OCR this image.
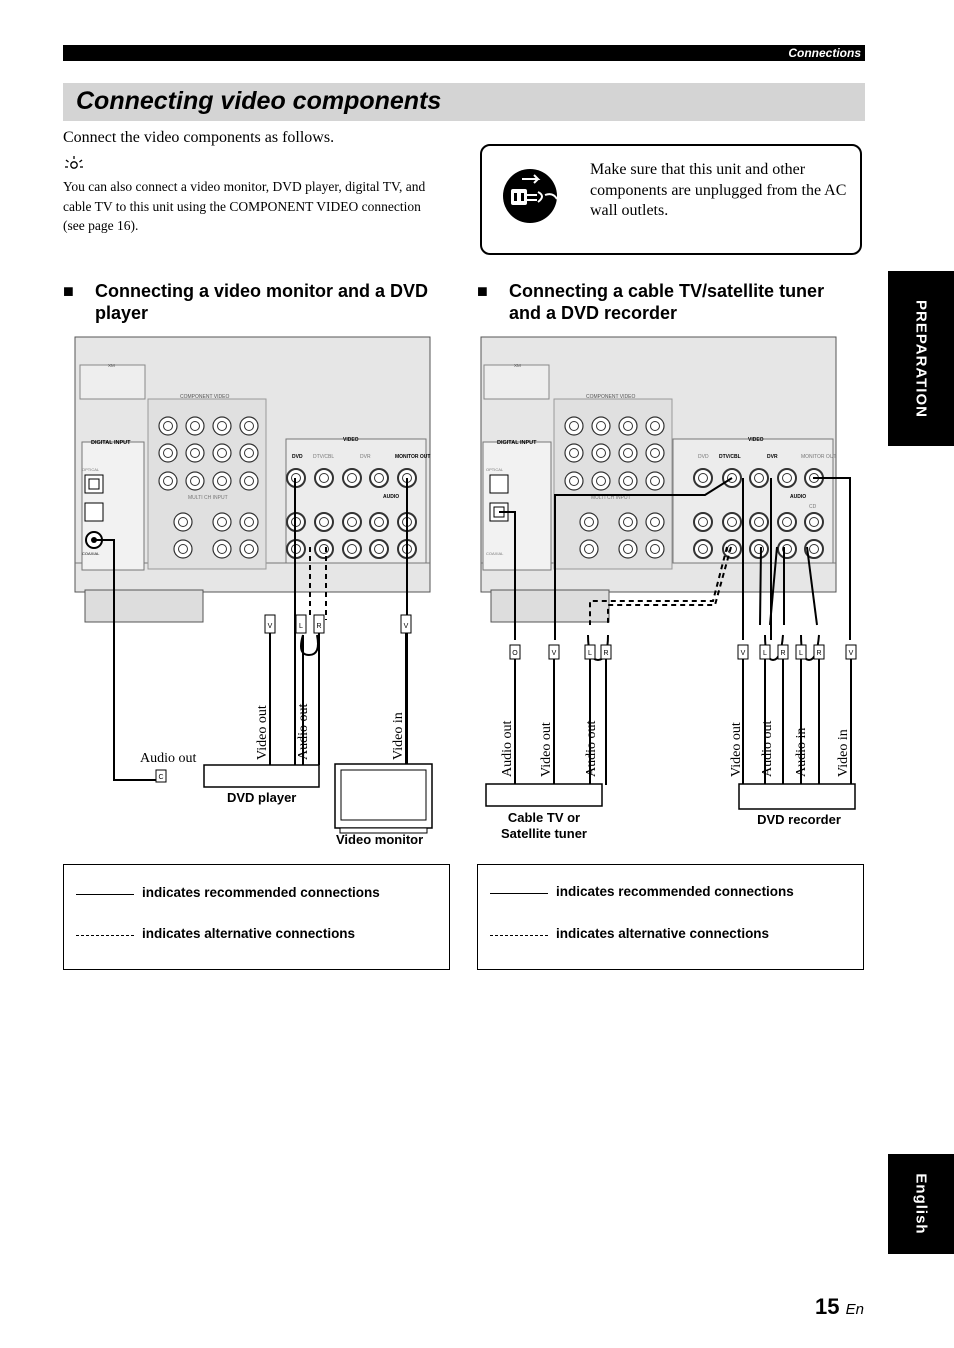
Connections
Connecting video components
Connect the video components as follows.
You can also connect a video monitor, DVD player, digital TV, and cable TV to this unit using the COMPONENT VIDEO connection (see page 16).
Make sure that this unit and other components are unplugged from the AC wall outlets.
■ Connecting a video monitor and a DVD player
■ Connecting a cable TV/satellite tuner and a DVD recorder	PREPARATION
English
XM
COMPONENT VIDEO
DIGITAL INPUT
OPTICAL
COAXIAL
VIDEO
AUDIO
MULTI CH INPUT
DVD DTV/CBL	DVR	MONITOR OUT
V	L R	V
C
Audio out	Video out Audio out	Video in
DVD player
Video monitor
XM
COMPONENT VIDEO
DIGITAL INPUT
OPTICAL
COAXIAL
VIDEO
AUDIO
MULTI CH INPUT
DVD DTV/CBL	DVR	MONITOR OUT
CD
O	V	L R	V	L R L R	V
Audio out Video out Audio out	Video out Audio out Audio in Video in
Cable TV or
Satellite tuner
DVD recorder
indicates recommended connections
indicates alternative connections
indicates recommended connections
indicates alternative connections
15 En
